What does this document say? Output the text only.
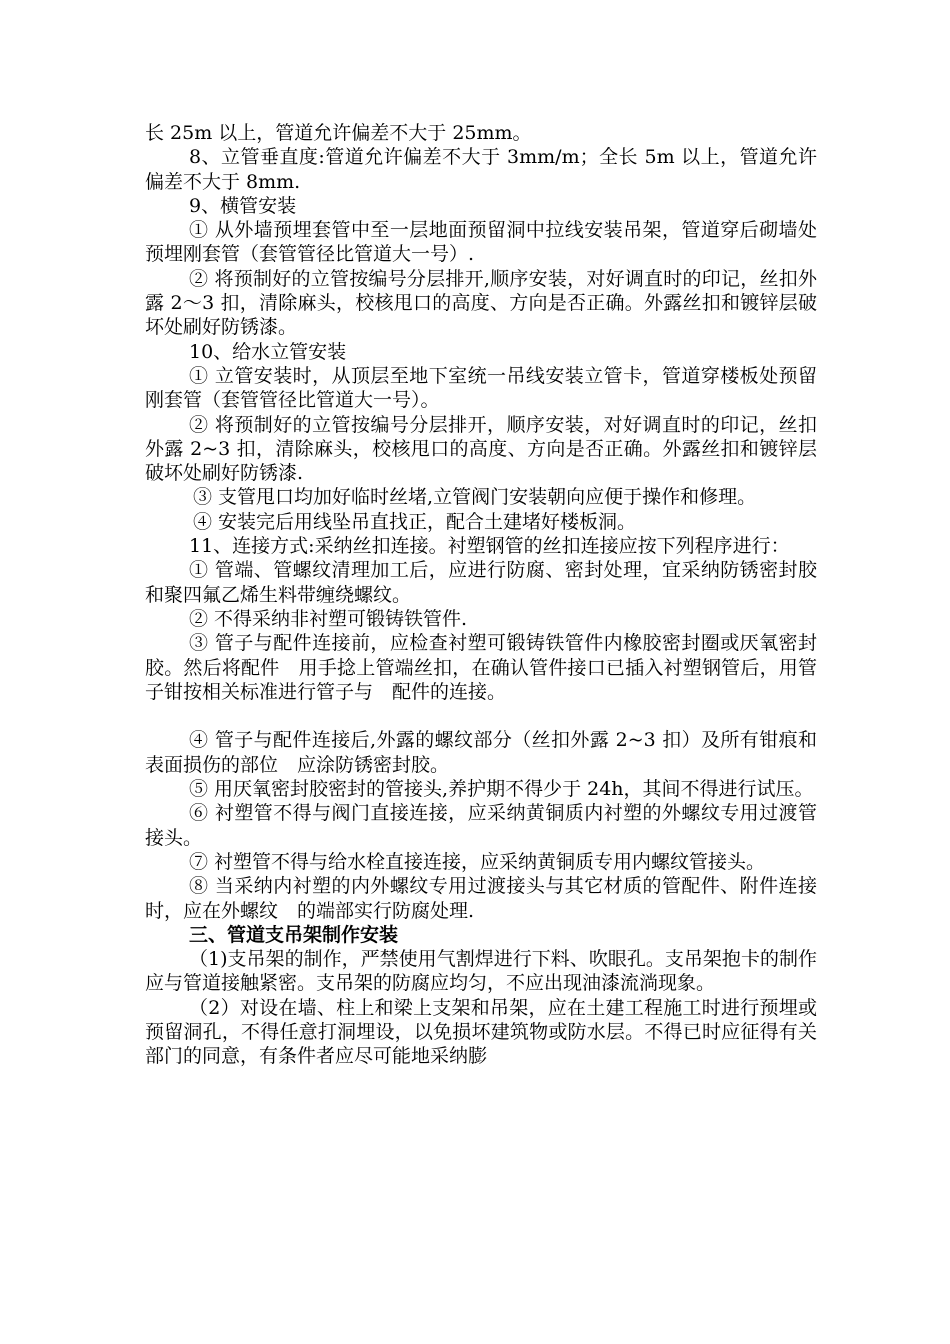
长 25m 以上，管道允许偏差不大于 25mm。

8、立管垂直度:管道允许偏差不大于 3mm/m；全长 5m 以上，管道允许偏差不大于 8mm.

9、横管安装

① 从外墙预埋套管中至一层地面预留洞中拉线安装吊架，管道穿后砌墙处预埋刚套管（套管管径比管道大一号）.

② 将预制好的立管按编号分层排开,顺序安装，对好调直时的印记，丝扣外露 2～3 扣，清除麻头，校核甩口的高度、方向是否正确。外露丝扣和镀锌层破坏处刷好防锈漆。

10、给水立管安装

① 立管安装时，从顶层至地下室统一吊线安装立管卡，管道穿楼板处预留刚套管（套管管径比管道大一号）。

② 将预制好的立管按编号分层排开，顺序安装，对好调直时的印记，丝扣外露 2~3 扣，清除麻头，校核甩口的高度、方向是否正确。外露丝扣和镀锌层破坏处刷好防锈漆.

③ 支管甩口均加好临时丝堵,立管阀门安装朝向应便于操作和修理。

④ 安装完后用线坠吊直找正，配合土建堵好楼板洞。

11、连接方式:采纳丝扣连接。衬塑钢管的丝扣连接应按下列程序进行：

① 管端、管螺纹清理加工后，应进行防腐、密封处理，宜采纳防锈密封胶和聚四氟乙烯生料带缠绕螺纹。

② 不得采纳非衬塑可锻铸铁管件.

③ 管子与配件连接前，应检查衬塑可锻铸铁管件内橡胶密封圈或厌氧密封胶。然后将配件　用手捻上管端丝扣，在确认管件接口已插入衬塑钢管后，用管子钳按相关标准进行管子与　配件的连接。

④ 管子与配件连接后,外露的螺纹部分（丝扣外露 2~3 扣）及所有钳痕和表面损伤的部位　应涂防锈密封胶。

⑤ 用厌氧密封胶密封的管接头,养护期不得少于 24h，其间不得进行试压。

⑥ 衬塑管不得与阀门直接连接，应采纳黄铜质内衬塑的外螺纹专用过渡管接头。

⑦ 衬塑管不得与给水栓直接连接，应采纳黄铜质专用内螺纹管接头。

⑧ 当采纳内衬塑的内外螺纹专用过渡接头与其它材质的管配件、附件连接时，应在外螺纹　的端部实行防腐处理.

三、管道支吊架制作安装

（1)支吊架的制作，严禁使用气割焊进行下料、吹眼孔。支吊架抱卡的制作应与管道接触紧密。支吊架的防腐应均匀，不应出现油漆流淌现象。

（2）对设在墙、柱上和梁上支架和吊架，应在土建工程施工时进行预埋或预留洞孔，不得任意打洞埋设，以免损坏建筑物或防水层。不得已时应征得有关部门的同意，有条件者应尽可能地采纳膨
